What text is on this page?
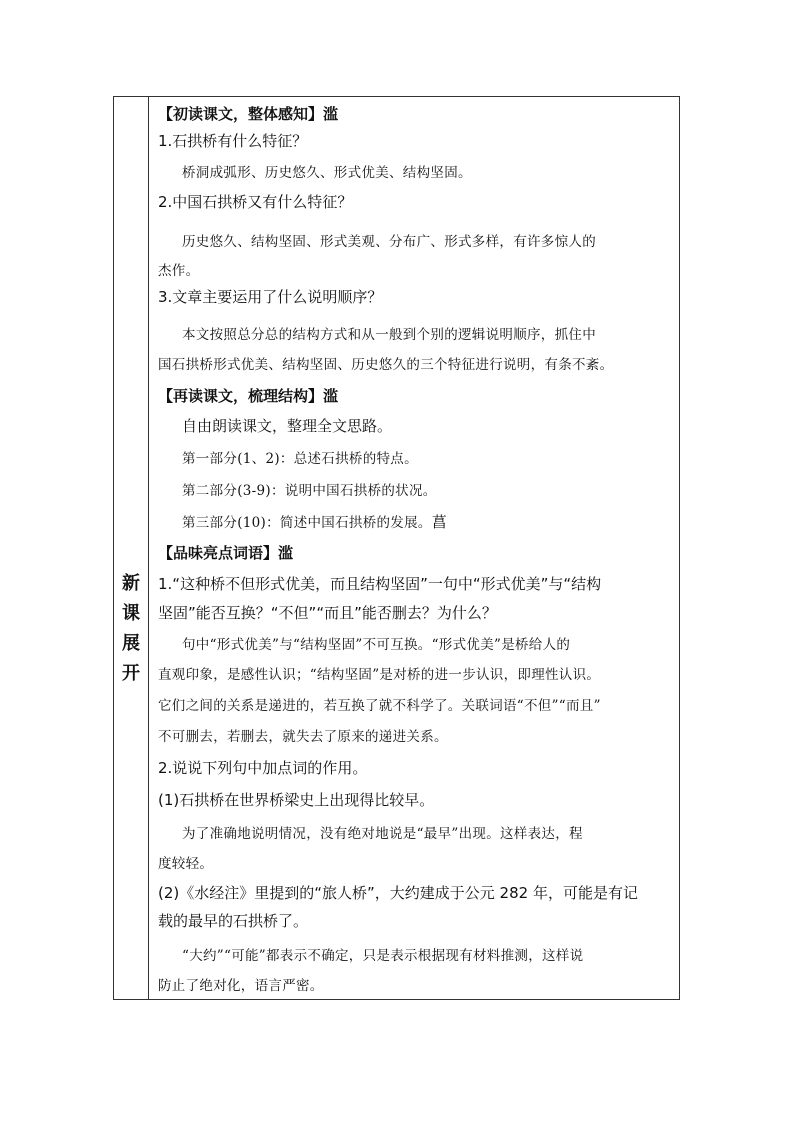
新
课
展
开
【初读课文，整体感知】滥
1.石拱桥有什么特征？
桥洞成弧形、历史悠久、形式优美、结构坚固。
2.中国石拱桥又有什么特征？
历史悠久、结构坚固、形式美观、分布广、形式多样，有许多惊人的
杰作。
3.文章主要运用了什么说明顺序？
本文按照总分总的结构方式和从一般到个别的逻辑说明顺序，抓住中
国石拱桥形式优美、结构坚固、历史悠久的三个特征进行说明，有条不紊。
【再读课文，梳理结构】滥
自由朗读课文，整理全文思路。
第一部分(1、2)：总述石拱桥的特点。
第二部分(3-9)：说明中国石拱桥的状况。
第三部分(10)：简述中国石拱桥的发展。菖
【品味亮点词语】滥
1.“这种桥不但形式优美，而且结构坚固”一句中“形式优美”与“结构
坚固”能否互换？“不但”“而且”能否删去？为什么？
句中“形式优美”与“结构坚固”不可互换。“形式优美”是桥给人的
直观印象，是感性认识；“结构坚固”是对桥的进一步认识，即理性认识。
它们之间的关系是递进的，若互换了就不科学了。关联词语“不但”“而且”
不可删去，若删去，就失去了原来的递进关系。
2.说说下列句中加点词的作用。
(1)石拱桥在世界桥梁史上出现得比较早。
为了准确地说明情况，没有绝对地说是“最早”出现。这样表达，程
度较轻。
(2)《水经注》里提到的“旅人桥”，大约建成于公元 282 年，可能是有记
载的最早的石拱桥了。
“大约”“可能”都表示不确定，只是表示根据现有材料推测，这样说
防止了绝对化，语言严密。
